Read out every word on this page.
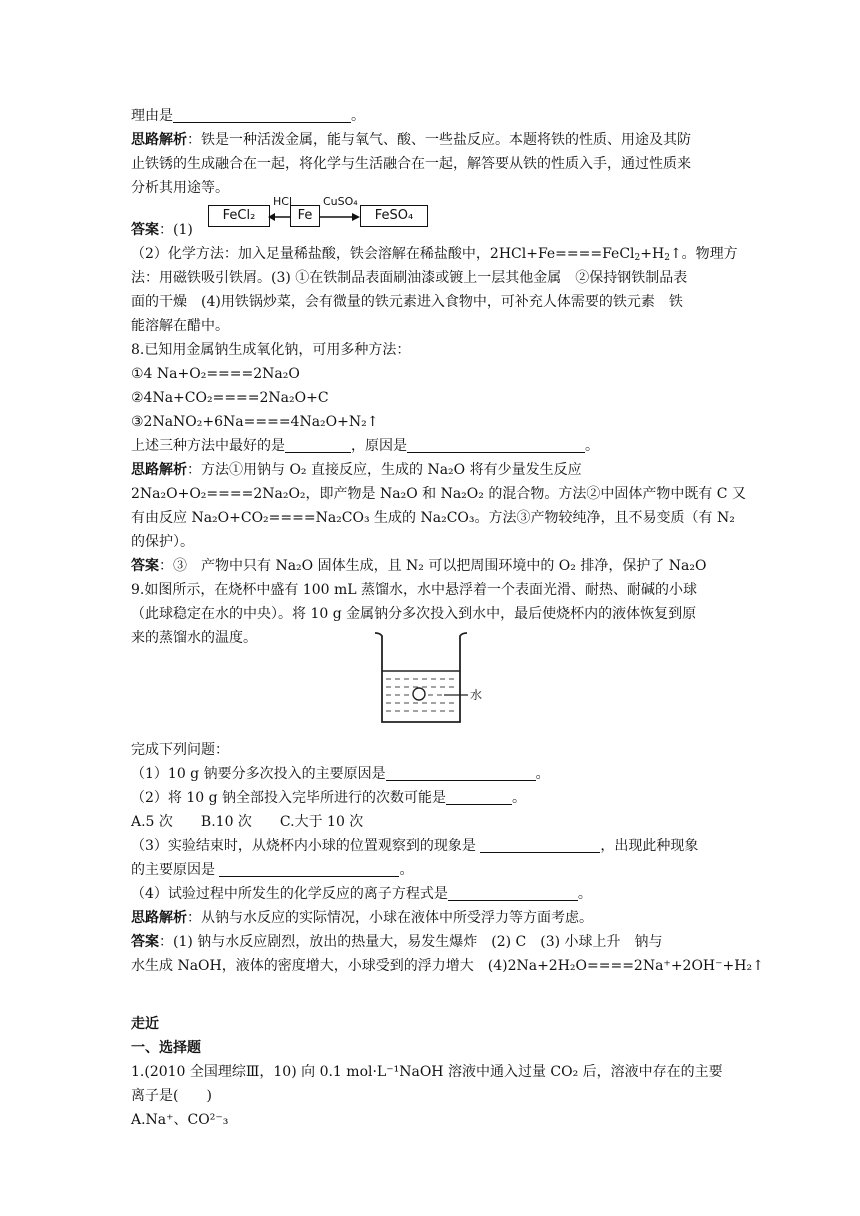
理由是	。
思路解析：铁是一种活泼金属，能与氧气、酸、一些盐反应。本题将铁的性质、用途及其防
止铁锈的生成融合在一起，将化学与生活融合在一起，解答要从铁的性质入手，通过性质来
分析其用途等。
答案：(1)
FeCl₂	Fe	FeSO₄
HCl	CuSO₄
（2）化学方法：加入足量稀盐酸，铁会溶解在稀盐酸中，$2HCl+Fe====FeCl_2+H_2↑$。物理方
法：用磁铁吸引铁屑。(3) ①在铁制品表面刷油漆或镀上一层其他金属　②保持钢铁制品表
面的干燥　(4)用铁锅炒菜，会有微量的铁元素进入食物中，可补充人体需要的铁元素　铁
能溶解在醋中。
8.已知用金属钠生成氧化钠，可用多种方法：
①4 Na+O₂====2Na₂O
②4Na+CO₂====2Na₂O+C
③2NaNO₂+6Na====4Na₂O+N₂↑
上述三种方法中最好的是	，原因是	。
思路解析：方法①用钠与 O₂ 直接反应，生成的 Na₂O 将有少量发生反应
2Na₂O+O₂====2Na₂O₂，即产物是 Na₂O 和 Na₂O₂ 的混合物。方法②中固体产物中既有 C 又
有由反应 Na₂O+CO₂====Na₂CO₃ 生成的 Na₂CO₃。方法③产物较纯净，且不易变质（有 N₂
的保护）。
答案：③　产物中只有 Na₂O 固体生成，且 N₂ 可以把周围环境中的 O₂ 排净，保护了 Na₂O
9.如图所示，在烧杯中盛有 100 mL 蒸馏水，水中悬浮着一个表面光滑、耐热、耐碱的小球
（此球稳定在水的中央）。将 10 g 金属钠分多次投入到水中，最后使烧杯内的液体恢复到原
来的蒸馏水的温度。
水
完成下列问题：
（1）10 g 钠要分多次投入的主要原因是	。
（2）将 10 g 钠全部投入完毕所进行的次数可能是	。
A.5 次　　B.10 次　　C.大于 10 次
（3）实验结束时，从烧杯内小球的位置观察到的现象是	，出现此种现象
的主要原因是	。
（4）试验过程中所发生的化学反应的离子方程式是	。
思路解析：从钠与水反应的实际情况，小球在液体中所受浮力等方面考虑。
答案：(1) 钠与水反应剧烈，放出的热量大，易发生爆炸　(2) C　(3) 小球上升　钠与
水生成 NaOH，液体的密度增大，小球受到的浮力增大　(4)2Na+2H₂O====2Na⁺+2OH⁻+H₂↑
走近
一、选择题
1.(2010 全国理综Ⅲ，10) 向 0.1 mol·L⁻¹NaOH 溶液中通入过量 CO₂ 后，溶液中存在的主要
离子是(　　)
A.Na⁺、CO²⁻₃
